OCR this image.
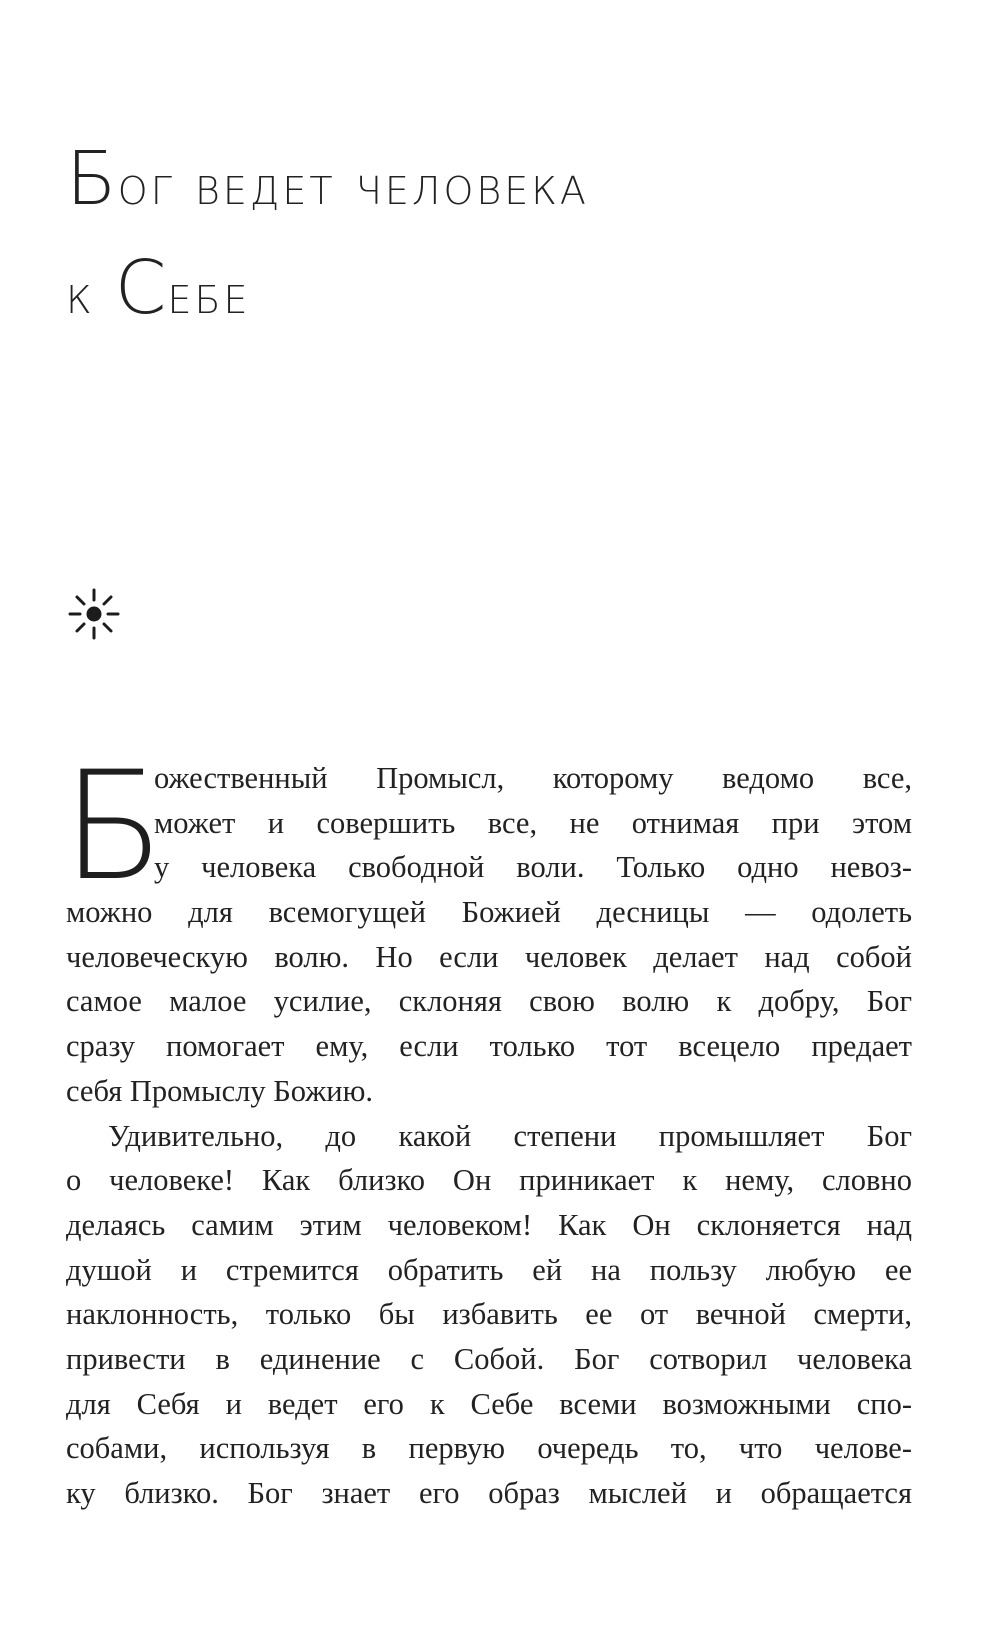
Бог ведет человека
к Себе
Б
ожественный Промысл, которому ведомо все,
может и совершить все, не отнимая при этом
у человека свободной воли. Только одно невоз-
можно для всемогущей Божией десницы — одолеть
человеческую волю. Но если человек делает над собой
самое малое усилие, склоняя свою волю к добру, Бог
сразу помогает ему, если только тот всецело предает
себя Промыслу Божию.
Удивительно, до какой степени промышляет Бог
о человеке! Как близко Он приникает к нему, словно
делаясь самим этим человеком! Как Он склоняется над
душой и стремится обратить ей на пользу любую ее
наклонность, только бы избавить ее от вечной смерти,
привести в единение с Собой. Бог сотворил человека
для Себя и ведет его к Себе всеми возможными спо-
собами, используя в первую очередь то, что челове-
ку близко. Бог знает его образ мыслей и обращается
